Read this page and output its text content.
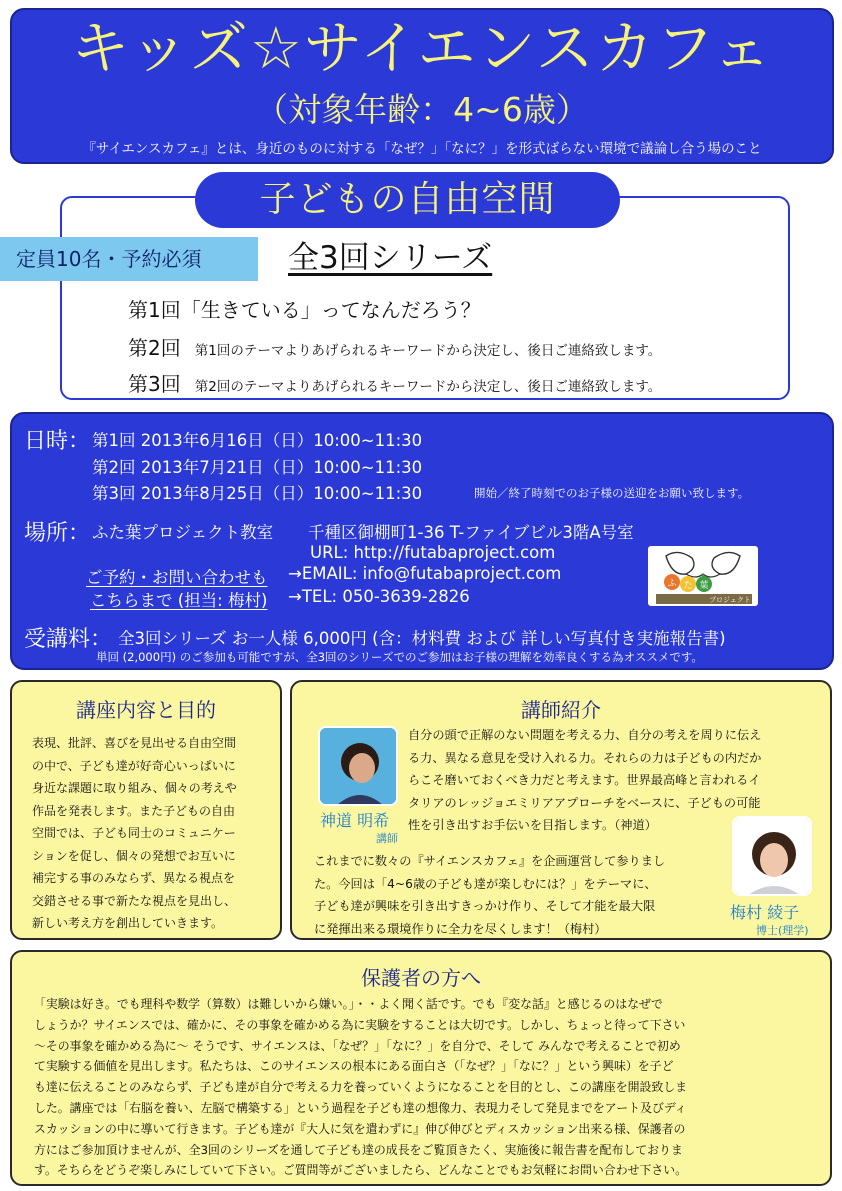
キッズ☆サイエンスカフェ
（対象年齢：4~6歳）
『サイエンスカフェ』とは、身近のものに対する「なぜ？」「なに？」を形式ばらない環境で議論し合う場のこと
子どもの自由空間
定員10名・予約必須	全3回シリーズ
第1回「生きている」ってなんだろう？
第2回 第1回のテーマよりあげられるキーワードから決定し、後日ご連絡致します。
第3回 第2回のテーマよりあげられるキーワードから決定し、後日ご連絡致します。
日時： 第1回 2013年6月16日（日）10:00~11:30
第2回 2013年7月21日（日）10:00~11:30
第3回 2013年8月25日（日）10:00~11:30	開始／終了時刻でのお子様の送迎をお願い致します。
場所： ふた葉プロジェクト教室 千種区御棚町1-36 T-ファイブビル3階A号室
URL: http://futabaproject.com
ご予約・お問い合わせも →EMAIL: info@futabaproject.com
こちらまで (担当: 梅村) →TEL: 050-3639-2826
ふ た 葉
プロジェクト
受講料： 全3回シリーズ お一人様 6,000円 (含：材料費 および 詳しい写真付き実施報告書)
単回 (2,000円) のご参加も可能ですが、全3回のシリーズでのご参加はお子様の理解を効率良くする為オススメです。
講座内容と目的
表現、批評、喜びを見出せる自由空間
の中で、子ども達が好奇心いっぱいに
身近な課題に取り組み、個々の考えや
作品を発表します。また子どもの自由
空間では、子ども同士のコミュニケー
ションを促し、個々の発想でお互いに
補完する事のみならず、異なる視点を
交錯させる事で新たな視点を見出し、
新しい考え方を創出していきます。
講師紹介
神道 明希
講師
自分の頭で正解のない問題を考える力、自分の考えを周りに伝え
る力、異なる意見を受け入れる力。それらの力は子どもの内だか
らこそ磨いておくべき力だと考えます。世界最高峰と言われるイ
タリアのレッジョエミリアアプローチをベースに、子どもの可能
性を引き出すお手伝いを目指します。（神道）
梅村 綾子
博士(理学)
これまでに数々の『サイエンスカフェ』を企画運営して参りまし
た。今回は「4~6歳の子ども達が楽しむには？」をテーマに、
子ども達が興味を引き出すきっかけ作り、そして才能を最大限
に発揮出来る環境作りに全力を尽くします！（梅村）
保護者の方へ
「実験は好き。でも理科や数学（算数）は難しいから嫌い。」・・よく聞く話です。でも『変な話』と感じるのはなぜで
しょうか？サイエンスでは、確かに、その事象を確かめる為に実験をすることは大切です。しかし、ちょっと待って下さい
〜その事象を確かめる為に〜 そうです、サイエンスは、「なぜ？」「なに？」を自分で、そして みんなで考えることで初め
て実験する価値を見出します。私たちは、このサイエンスの根本にある面白さ（「なぜ？」「なに？」という興味）を子ど
も達に伝えることのみならず、子ども達が自分で考える力を養っていくようになることを目的とし、この講座を開設致しま
した。講座では「右脳を養い、左脳で構築する」という過程を子ども達の想像力、表現力そして発見までをアート及びディ
スカッションの中に導いて行きます。子ども達が『大人に気を遣わずに』伸び伸びとディスカッション出来る様、保護者の
方にはご参加頂けませんが、全3回のシリーズを通して子ども達の成長をご覧頂きたく、実施後に報告書を配布しておりま
す。そちらをどうぞ楽しみにしていて下さい。ご質問等がございましたら、どんなことでもお気軽にお問い合わせ下さい。
